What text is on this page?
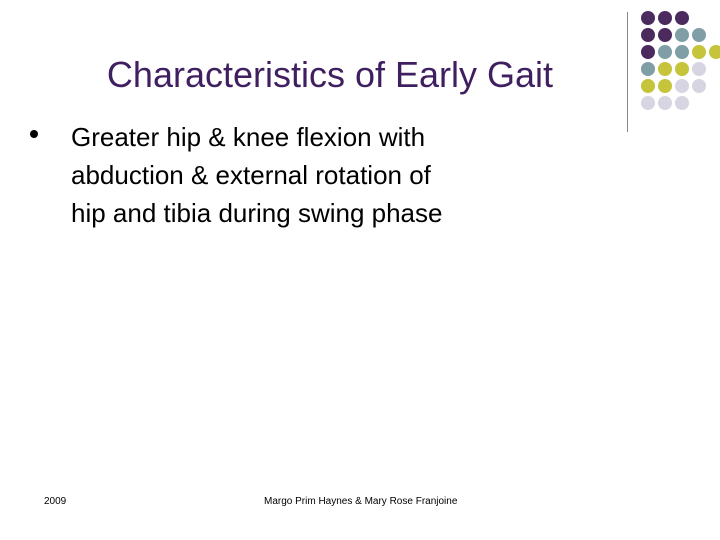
Characteristics of Early Gait
Greater hip & knee flexion with abduction & external rotation of hip and tibia during swing phase
2009	Margo Prim Haynes & Mary Rose Franjoine
